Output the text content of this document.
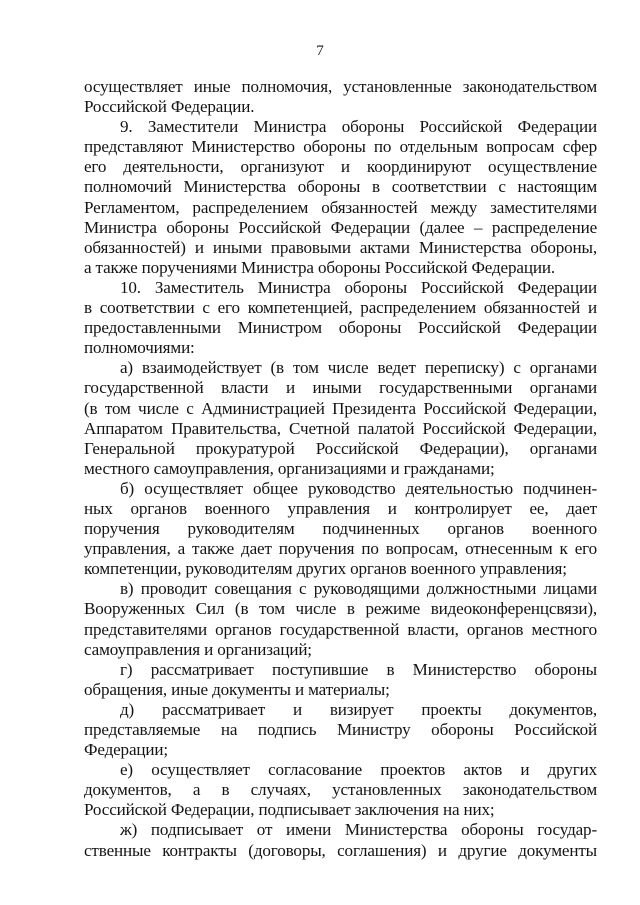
7
осуществляет иные полномочия, установленные законодательством
Российской Федерации.
9. Заместители Министра обороны Российской Федерации
представляют Министерство обороны по отдельным вопросам сфер
его деятельности, организуют и координируют осуществление
полномочий Министерства обороны в соответствии с настоящим
Регламентом, распределением обязанностей между заместителями
Министра обороны Российской Федерации (далее – распределение
обязанностей) и иными правовыми актами Министерства обороны,
а также поручениями Министра обороны Российской Федерации.
10. Заместитель Министра обороны Российской Федерации
в соответствии с его компетенцией, распределением обязанностей и
предоставленными Министром обороны Российской Федерации
полномочиями:
а) взаимодействует (в том числе ведет переписку) с органами
государственной власти и иными государственными органами
(в том числе с Администрацией Президента Российской Федерации,
Аппаратом Правительства, Счетной палатой Российской Федерации,
Генеральной прокуратурой Российской Федерации), органами
местного самоуправления, организациями и гражданами;
б) осуществляет общее руководство деятельностью подчинен-
ных органов военного управления и контролирует ее, дает
поручения руководителям подчиненных органов военного
управления, а также дает поручения по вопросам, отнесенным к его
компетенции, руководителям других органов военного управления;
в) проводит совещания с руководящими должностными лицами
Вооруженных Сил (в том числе в режиме видеоконференцсвязи),
представителями органов государственной власти, органов местного
самоуправления и организаций;
г) рассматривает поступившие в Министерство обороны
обращения, иные документы и материалы;
д) рассматривает и визирует проекты документов,
представляемые на подпись Министру обороны Российской
Федерации;
е) осуществляет согласование проектов актов и других
документов, а в случаях, установленных законодательством
Российской Федерации, подписывает заключения на них;
ж) подписывает от имени Министерства обороны государ-
ственные контракты (договоры, соглашения) и другие документы
